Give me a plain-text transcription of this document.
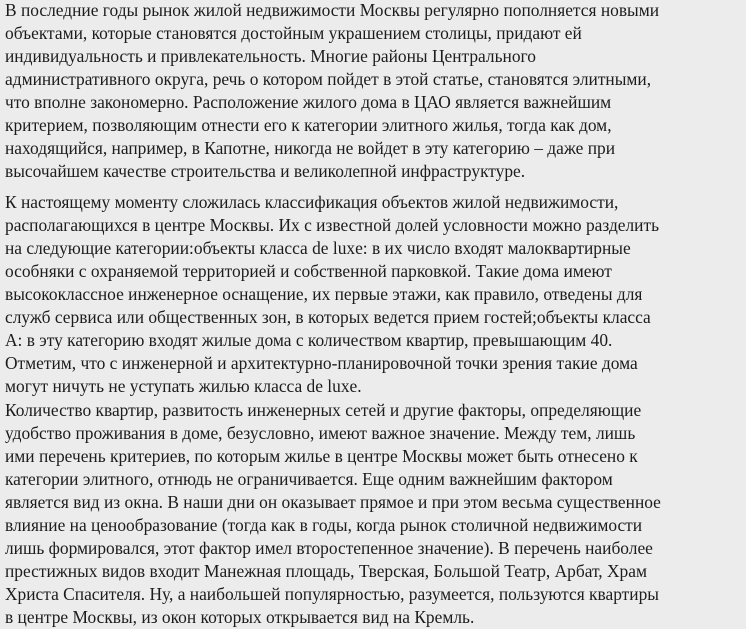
В последние годы рынок жилой недвижимости Москвы регулярно пополняется новыми
объектами, которые становятся достойным украшением столицы, придают ей
индивидуальность и привлекательность. Многие районы Центрального
административного округа, речь о котором пойдет в этой статье, становятся элитными,
что вполне закономерно. Расположение жилого дома в ЦАО является важнейшим
критерием, позволяющим отнести его к категории элитного жилья, тогда как дом,
находящийся, например, в Капотне, никогда не войдет в эту категорию – даже при
высочайшем качестве строительства и великолепной инфраструктуре.
К настоящему моменту сложилась классификация объектов жилой недвижимости,
располагающихся в центре Москвы. Их с известной долей условности можно разделить
на следующие категории:объекты класса de luxe: в их число входят малоквартирные
особняки с охраняемой территорией и собственной парковкой. Такие дома имеют
высококлассное инженерное оснащение, их первые этажи, как правило, отведены для
служб сервиса или общественных зон, в которых ведется прием гостей;объекты класса
А: в эту категорию входят жилые дома с количеством квартир, превышающим 40.
Отметим, что с инженерной и архитектурно-планировочной точки зрения такие дома
могут ничуть не уступать жилью класса de luxe.
Количество квартир, развитость инженерных сетей и другие факторы, определяющие
удобство проживания в доме, безусловно, имеют важное значение. Между тем, лишь
ими перечень критериев, по которым жилье в центре Москвы может быть отнесено к
категории элитного, отнюдь не ограничивается. Еще одним важнейшим фактором
является вид из окна. В наши дни он оказывает прямое и при этом весьма существенное
влияние на ценообразование (тогда как в годы, когда рынок столичной недвижимости
лишь формировался, этот фактор имел второстепенное значение). В перечень наиболее
престижных видов входит Манежная площадь, Тверская, Большой Театр, Арбат, Храм
Христа Спасителя. Ну, а наибольшей популярностью, разумеется, пользуются квартиры
в центре Москвы, из окон которых открывается вид на Кремль.
